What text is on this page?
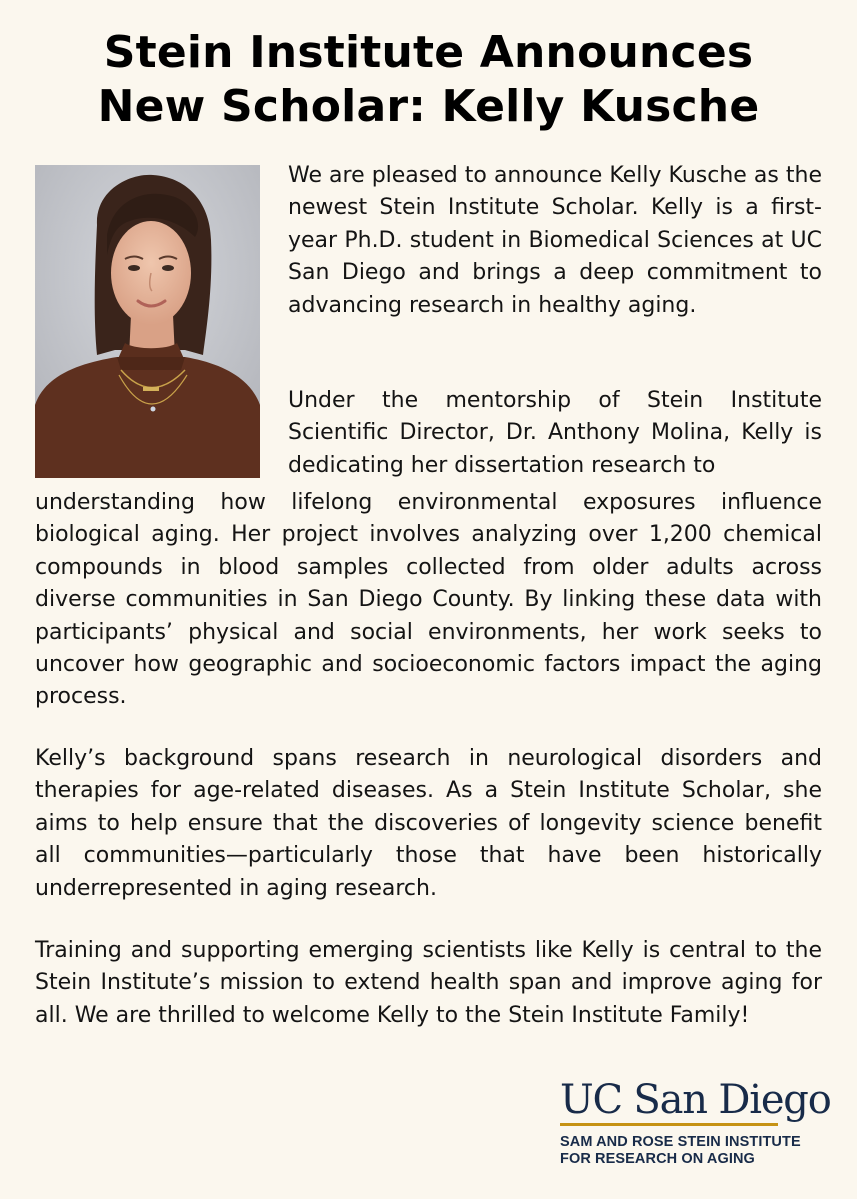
Stein Institute Announces
New Scholar: Kelly Kusche

We are pleased to announce Kelly Kusche as the newest Stein Institute Scholar. Kelly is a first-year Ph.D. student in Biomedical Sciences at UC San Diego and brings a deep commitment to advancing research in healthy aging.

Under the mentorship of Stein Institute Scientific Director, Dr. Anthony Molina, Kelly is dedicating her dissertation research to

understanding how lifelong environmental exposures influence biological aging. Her project involves analyzing over 1,200 chemical compounds in blood samples collected from older adults across diverse communities in San Diego County. By linking these data with participants’ physical and social environments, her work seeks to uncover how geographic and socioeconomic factors impact the aging process.

Kelly’s background spans research in neurological disorders and therapies for age-related diseases. As a Stein Institute Scholar, she aims to help ensure that the discoveries of longevity science benefit all communities—particularly those that have been historically underrepresented in aging research.

Training and supporting emerging scientists like Kelly is central to the Stein Institute’s mission to extend health span and improve aging for all. We are thrilled to welcome Kelly to the Stein Institute Family!

UC San Diego
SAM AND ROSE STEIN INSTITUTE
FOR RESEARCH ON AGING
